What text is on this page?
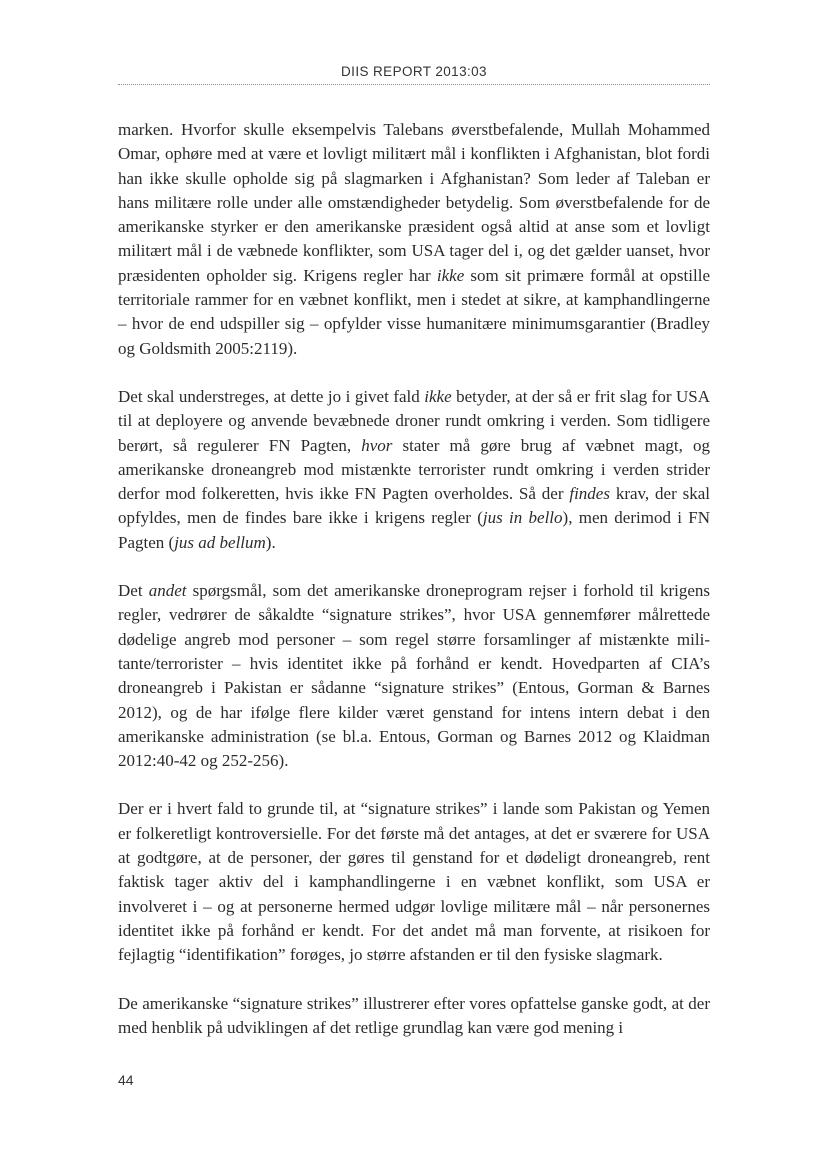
DIIS REPORT 2013:03

marken. Hvorfor skulle eksempelvis Talebans øverstbefalende, Mullah Mohammed Omar, ophøre med at være et lovligt militært mål i konflikten i Afghanistan, blot fordi han ikke skulle opholde sig på slagmarken i Afghanistan? Som leder af Taleban er hans militære rolle under alle omstændigheder betydelig. Som øverstbefalende for de amerikanske styrker er den amerikanske præsident også altid at anse som et lovligt militært mål i de væbnede konflikter, som USA tager del i, og det gælder uanset, hvor præsidenten opholder sig. Krigens regler har ikke som sit primære formål at opstille territoriale rammer for en væbnet konflikt, men i stedet at sikre, at kamphandlingerne – hvor de end udspiller sig – opfylder visse humanitære minimumsgarantier (Bradley og Goldsmith 2005:2119).

Det skal understreges, at dette jo i givet fald ikke betyder, at der så er frit slag for USA til at deployere og anvende bevæbnede droner rundt omkring i verden. Som tidligere berørt, så regulerer FN Pagten, hvor stater må gøre brug af væbnet magt, og amerikanske droneangreb mod mistænkte terrorister rundt omkring i verden strider derfor mod folkeretten, hvis ikke FN Pagten overholdes. Så der findes krav, der skal opfyldes, men de findes bare ikke i krigens regler (jus in bello), men derimod i FN Pagten (jus ad bellum).

Det andet spørgsmål, som det amerikanske droneprogram rejser i forhold til krigens regler, vedrører de såkaldte “signature strikes”, hvor USA gennemfører målrettede dødelige angreb mod personer – som regel større forsamlinger af mistænkte militante/terrorister – hvis identitet ikke på forhånd er kendt. Hovedparten af CIA’s droneangreb i Pakistan er sådanne “signature strikes” (Entous, Gorman & Barnes 2012), og de har ifølge flere kilder været genstand for intens intern debat i den amerikanske administration (se bl.a. Entous, Gorman og Barnes 2012 og Klaidman 2012:40-42 og 252-256).

Der er i hvert fald to grunde til, at “signature strikes” i lande som Pakistan og Yemen er folkeretligt kontroversielle. For det første må det antages, at det er sværere for USA at godtgøre, at de personer, der gøres til genstand for et dødeligt droneangreb, rent faktisk tager aktiv del i kamphandlingerne i en væbnet konflikt, som USA er involveret i – og at personerne hermed udgør lovlige militære mål – når personernes identitet ikke på forhånd er kendt. For det andet må man forvente, at risikoen for fejlagtig “identifikation” forøges, jo større afstanden er til den fysiske slagmark.

De amerikanske “signature strikes” illustrerer efter vores opfattelse ganske godt, at der med henblik på udviklingen af det retlige grundlag kan være god mening i

44
